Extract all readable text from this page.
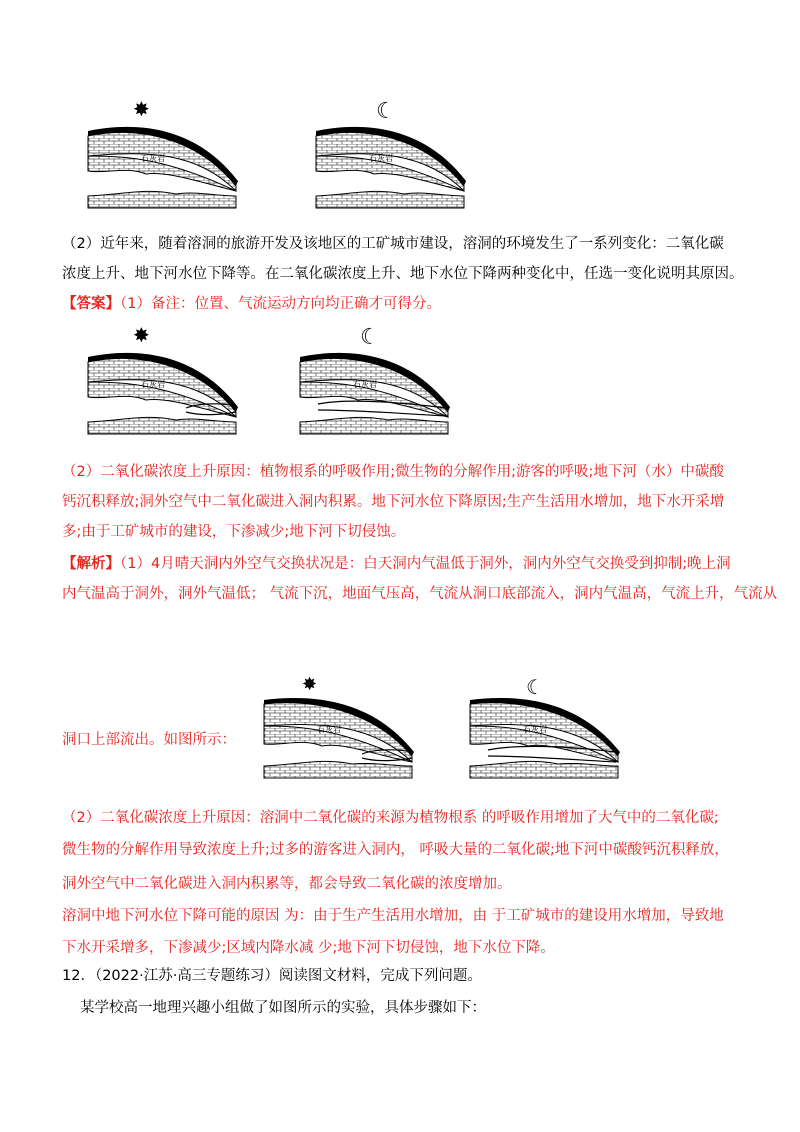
✸
石灰岩
☾
石灰岩
（2）近年来，随着溶洞的旅游开发及该地区的工矿城市建设，溶洞的环境发生了一系列变化：二氧化碳
浓度上升、地下河水位下降等。在二氧化碳浓度上升、地下水位下降两种变化中，任选一变化说明其原因。
【答案】（1）备注：位置、气流运动方向均正确才可得分。
✸
石灰岩
☾
石灰岩
（2）二氧化碳浓度上升原因：植物根系的呼吸作用;微生物的分解作用;游客的呼吸;地下河（水）中碳酸
钙沉积释放;洞外空气中二氧化碳进入洞内积累。地下河水位下降原因;生产生活用水增加，地下水开采增
多;由于工矿城市的建设，下渗减少;地下河下切侵蚀。
【解析】（1）4月晴天洞内外空气交换状况是：白天洞内气温低于洞外，洞内外空气交换受到抑制;晚上洞
内气温高于洞外，洞外气温低； 气流下沉，地面气压高，气流从洞口底部流入，洞内气温高，气流上升，气流从
✸
石灰岩
☾
石灰岩
洞口上部流出。如图所示：
（2）二氧化碳浓度上升原因：溶洞中二氧化碳的来源为植物根系 的呼吸作用增加了大气中的二氧化碳;
微生物的分解作用导致浓度上升;过多的游客进入洞内， 呼吸大量的二氧化碳;地下河中碳酸钙沉积释放，
洞外空气中二氧化碳进入洞内积累等，都会导致二氧化碳的浓度增加。
溶洞中地下河水位下降可能的原因 为：由于生产生活用水增加，由 于工矿城市的建设用水增加，导致地
下水开采增多，下渗减少;区域内降水减 少;地下河下切侵蚀，地下水位下降。
12．（2022·江苏·高三专题练习）阅读图文材料，完成下列问题。
某学校高一地理兴趣小组做了如图所示的实验，具体步骤如下：
